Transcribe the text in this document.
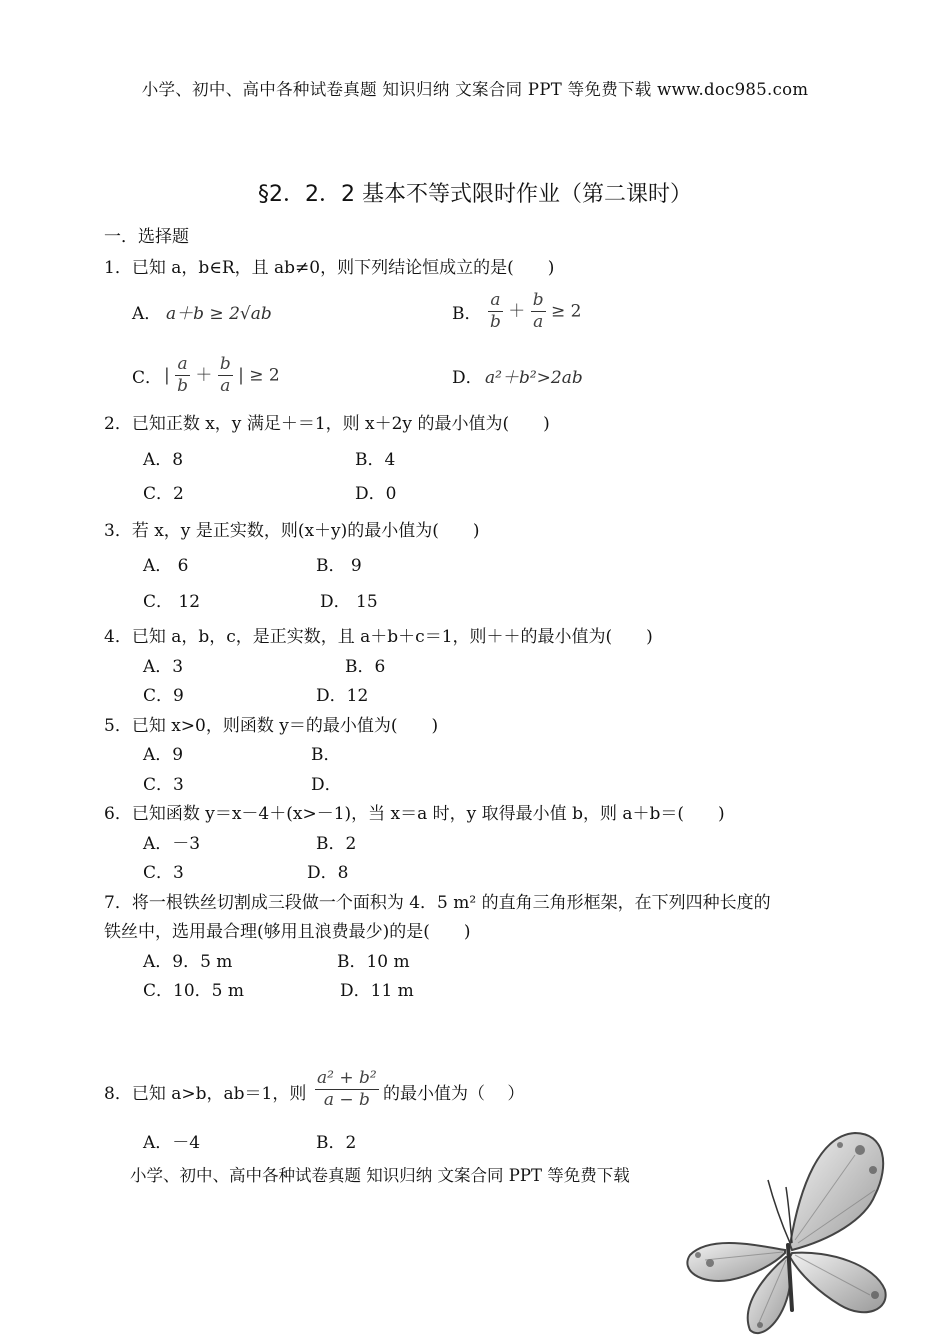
小学、初中、高中各种试卷真题 知识归纳 文案合同 PPT 等免费下载 www.doc985.com
§2．2．2 基本不等式限时作业（第二课时）
一．选择题
1．已知 a，b∈R，且 ab≠0，则下列结论恒成立的是(　　)
A． a＋b ≥ 2√ab	B． $\frac{a}{b} + \frac{b}{a} \ge 2$
C． | $\frac{a}{b} + \frac{b}{a}$ | ≥ 2	D． a²＋b²>2ab
2．已知正数 x，y 满足＋＝1，则 x＋2y 的最小值为(　　)
A．8	B．4
C．2	D．0
3．若 x，y 是正实数，则(x＋y)的最小值为(　　)
A． 6	B． 9
C． 12	D． 15
4．已知 a，b，c，是正实数，且 a＋b＋c＝1，则＋＋的最小值为(　　)
A．3	B．6
C．9	D．12
5．已知 x>0，则函数 y＝的最小值为(　　)
A．9	B．
C．3	D．
6．已知函数 y＝x－4＋(x>－1)，当 x＝a 时，y 取得最小值 b，则 a＋b＝(　　)
A．－3	B．2
C．3	D．8
7．将一根铁丝切割成三段做一个面积为 4．5 m² 的直角三角形框架，在下列四种长度的
铁丝中，选用最合理(够用且浪费最少)的是(　　)
A．9．5 m	B．10 m
C．10．5 m	D．11 m
8．已知 a>b，ab＝1，则 $\frac{\text{a² + b²}}{a - b}$ 的最小值为（　 ）
A．－4	B．2
小学、初中、高中各种试卷真题 知识归纳 文案合同 PPT 等免费下载
